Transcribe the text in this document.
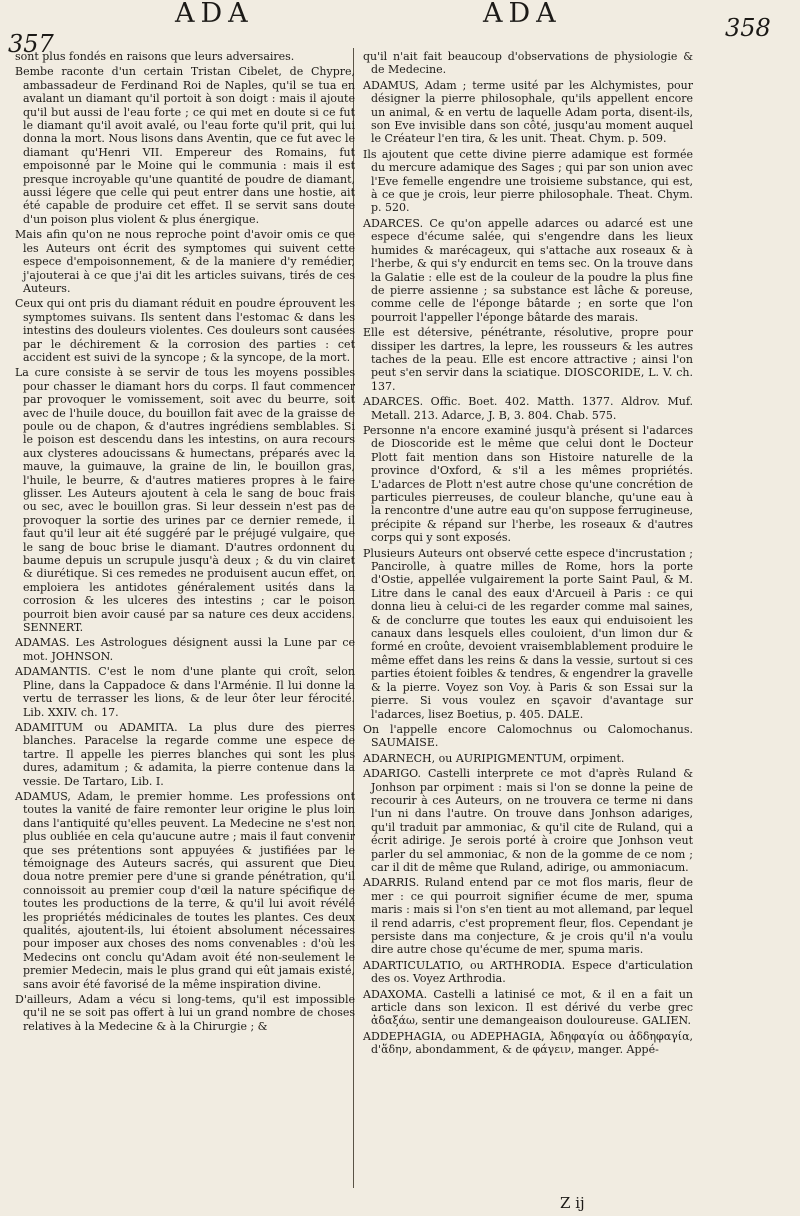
357
ADA	ADA	358

sont plus fondés en raisons que leurs adversaires.

Bembe raconte d'un certain Tristan Cibelet, de Chypre, ambassadeur de Ferdinand Roi de Naples, qu'il se tua en avalant un diamant qu'il portoit à son doigt : mais il ajoute qu'il but aussi de l'eau forte ; ce qui met en doute si ce fut le diamant qu'il avoit avalé, ou l'eau forte qu'il prit, qui lui donna la mort. Nous lisons dans Aventin, que ce fut avec le diamant qu'Henri VII. Empereur des Romains, fut empoisonné par le Moine qui le communia : mais il est presque incroyable qu'une quantité de poudre de diamant, aussi légere que celle qui peut entrer dans une hostie, ait été capable de produire cet effet. Il se servit sans doute d'un poison plus violent & plus énergique.

Mais afin qu'on ne nous reproche point d'avoir omis ce que les Auteurs ont écrit des symptomes qui suivent cette espece d'empoisonnement, & de la maniere d'y remédier, j'ajouterai à ce que j'ai dit les articles suivans, tirés de ces Auteurs.

Ceux qui ont pris du diamant réduit en poudre éprouvent les symptomes suivans. Ils sentent dans l'estomac & dans les intestins des douleurs violentes. Ces douleurs sont causées par le déchirement & la corrosion des parties : cet accident est suivi de la syncope ; & la syncope, de la mort.

La cure consiste à se servir de tous les moyens possibles pour chasser le diamant hors du corps. Il faut commencer par provoquer le vomissement, soit avec du beurre, soit avec de l'huile douce, du bouillon fait avec de la graisse de poule ou de chapon, & d'autres ingrédiens semblables. Si le poison est descendu dans les intestins, on aura recours aux clysteres adoucissans & humectans, préparés avec la mauve, la guimauve, la graine de lin, le bouillon gras, l'huile, le beurre, & d'autres matieres propres à le faire glisser. Les Auteurs ajoutent à cela le sang de bouc frais ou sec, avec le bouillon gras. Si leur dessein n'est pas de provoquer la sortie des urines par ce dernier remede, il faut qu'il leur ait été suggéré par le préjugé vulgaire, que le sang de bouc brise le diamant. D'autres ordonnent du baume depuis un scrupule jusqu'à deux ; & du vin clairet & diurétique. Si ces remedes ne produisent aucun effet, on emploiera les antidotes généralement usités dans la corrosion & les ulceres des intestins ; car le poison pourroit bien avoir causé par sa nature ces deux accidens. SENNERT.

ADAMAS. Les Astrologues désignent aussi la Lune par ce mot. JOHNSON.

ADAMANTIS. C'est le nom d'une plante qui croît, selon Pline, dans la Cappadoce & dans l'Arménie. Il lui donne la vertu de terrasser les lions, & de leur ôter leur férocité. Lib. XXIV. ch. 17.

ADAMITUM ou ADAMITA. La plus dure des pierres blanches. Paracelse la regarde comme une espece de tartre. Il appelle les pierres blanches qui sont les plus dures, adamitum ; & adamita, la pierre contenue dans la vessie. De Tartaro, Lib. I.

ADAMUS, Adam, le premier homme. Les professions ont toutes la vanité de faire remonter leur origine le plus loin dans l'antiquité qu'elles peuvent. La Medecine ne s'est non plus oubliée en cela qu'aucune autre ; mais il faut convenir que ses prétentions sont appuyées & justifiées par le témoignage des Auteurs sacrés, qui assurent que Dieu doua notre premier pere d'une si grande pénétration, qu'il connoissoit au premier coup d'œil la nature spécifique de toutes les productions de la terre, & qu'il lui avoit révélé les propriétés médicinales de toutes les plantes. Ces deux qualités, ajoutent-ils, lui étoient absolument nécessaires pour imposer aux choses des noms convenables : d'où les Medecins ont conclu qu'Adam avoit été non-seulement le premier Medecin, mais le plus grand qui eût jamais existé, sans avoir été favorisé de la même inspiration divine.

D'ailleurs, Adam a vécu si long-tems, qu'il est impossible qu'il ne se soit pas offert à lui un grand nombre de choses relatives à la Medecine & à la Chirurgie ; &

qu'il n'ait fait beaucoup d'observations de physiologie & de Medecine.

ADAMUS, Adam ; terme usité par les Alchymistes, pour désigner la pierre philosophale, qu'ils appellent encore un animal, & en vertu de laquelle Adam porta, disent-ils, son Eve invisible dans son côté, jusqu'au moment auquel le Créateur l'en tira, & les unit. Theat. Chym. p. 509.

Ils ajoutent que cette divine pierre adamique est formée du mercure adamique des Sages ; qui par son union avec l'Eve femelle engendre une troisieme substance, qui est, à ce que je crois, leur pierre philosophale. Theat. Chym. p. 520.

ADARCES. Ce qu'on appelle adarces ou adarcé est une espece d'écume salée, qui s'engendre dans les lieux humides & marécageux, qui s'attache aux roseaux & à l'herbe, & qui s'y endurcit en tems sec. On la trouve dans la Galatie : elle est de la couleur de la poudre la plus fine de pierre assienne ; sa substance est lâche & poreuse, comme celle de l'éponge bâtarde ; en sorte que l'on pourroit l'appeller l'éponge bâtarde des marais.

Elle est détersive, pénétrante, résolutive, propre pour dissiper les dartres, la lepre, les rousseurs & les autres taches de la peau. Elle est encore attractive ; ainsi l'on peut s'en servir dans la sciatique. DIOSCORIDE, L. V. ch. 137.

ADARCES. Offic. Boet. 402. Matth. 1377. Aldrov. Muf. Metall. 213. Adarce, J. B, 3. 804. Chab. 575.

Personne n'a encore examiné jusqu'à présent si l'adarces de Dioscoride est le même que celui dont le Docteur Plott fait mention dans son Histoire naturelle de la province d'Oxford, & s'il a les mêmes propriétés. L'adarces de Plott n'est autre chose qu'une concrétion de particules pierreuses, de couleur blanche, qu'une eau à la rencontre d'une autre eau qu'on suppose ferrugineuse, précipite & répand sur l'herbe, les roseaux & d'autres corps qui y sont exposés.

Plusieurs Auteurs ont observé cette espece d'incrustation ; Pancirolle, à quatre milles de Rome, hors la porte d'Ostie, appellée vulgairement la porte Saint Paul, & M. Litre dans le canal des eaux d'Arcueil à Paris : ce qui donna lieu à celui-ci de les regarder comme mal saines, & de conclurre que toutes les eaux qui enduisoient les canaux dans lesquels elles couloient, d'un limon dur & formé en croûte, devoient vraisemblablement produire le même effet dans les reins & dans la vessie, surtout si ces parties étoient foibles & tendres, & engendrer la gravelle & la pierre. Voyez son Voy. à Paris & son Essai sur la pierre. Si vous voulez en sçavoir d'avantage sur l'adarces, lisez Boetius, p. 405. DALE.

On l'appelle encore Calomochnus ou Calomochanus. SAUMAISE.

ADARNECH, ou AURIPIGMENTUM, orpiment.

ADARIGO. Castelli interprete ce mot d'après Ruland & Jonhson par orpiment : mais si l'on se donne la peine de recourir à ces Auteurs, on ne trouvera ce terme ni dans l'un ni dans l'autre. On trouve dans Jonhson adariges, qu'il traduit par ammoniac, & qu'il cite de Ruland, qui a écrit adirige. Je serois porté à croire que Jonhson veut parler du sel ammoniac, & non de la gomme de ce nom ; car il dit de même que Ruland, adirige, ou ammoniacum.

ADARRIS. Ruland entend par ce mot flos maris, fleur de mer : ce qui pourroit signifier écume de mer, spuma maris : mais si l'on s'en tient au mot allemand, par lequel il rend adarris, c'est proprement fleur, flos. Cependant je persiste dans ma conjecture, & je crois qu'il n'a voulu dire autre chose qu'écume de mer, spuma maris.

ADARTICULATIO, ou ARTHRODIA. Espece d'articulation des os. Voyez Arthrodia.

ADAXOMA. Castelli a latinisé ce mot, & il en a fait un article dans son lexicon. Il est dérivé du verbe grec ἀδαξάω, sentir une demangeaison douloureuse. GALIEN.

ADDEPHAGIA, ou ADEPHAGIA, Ἀδηφαγία ou ἀδδηφαγία, d'ἅδην, abondamment, & de φάγειν, manger. Appé-

Z ij
